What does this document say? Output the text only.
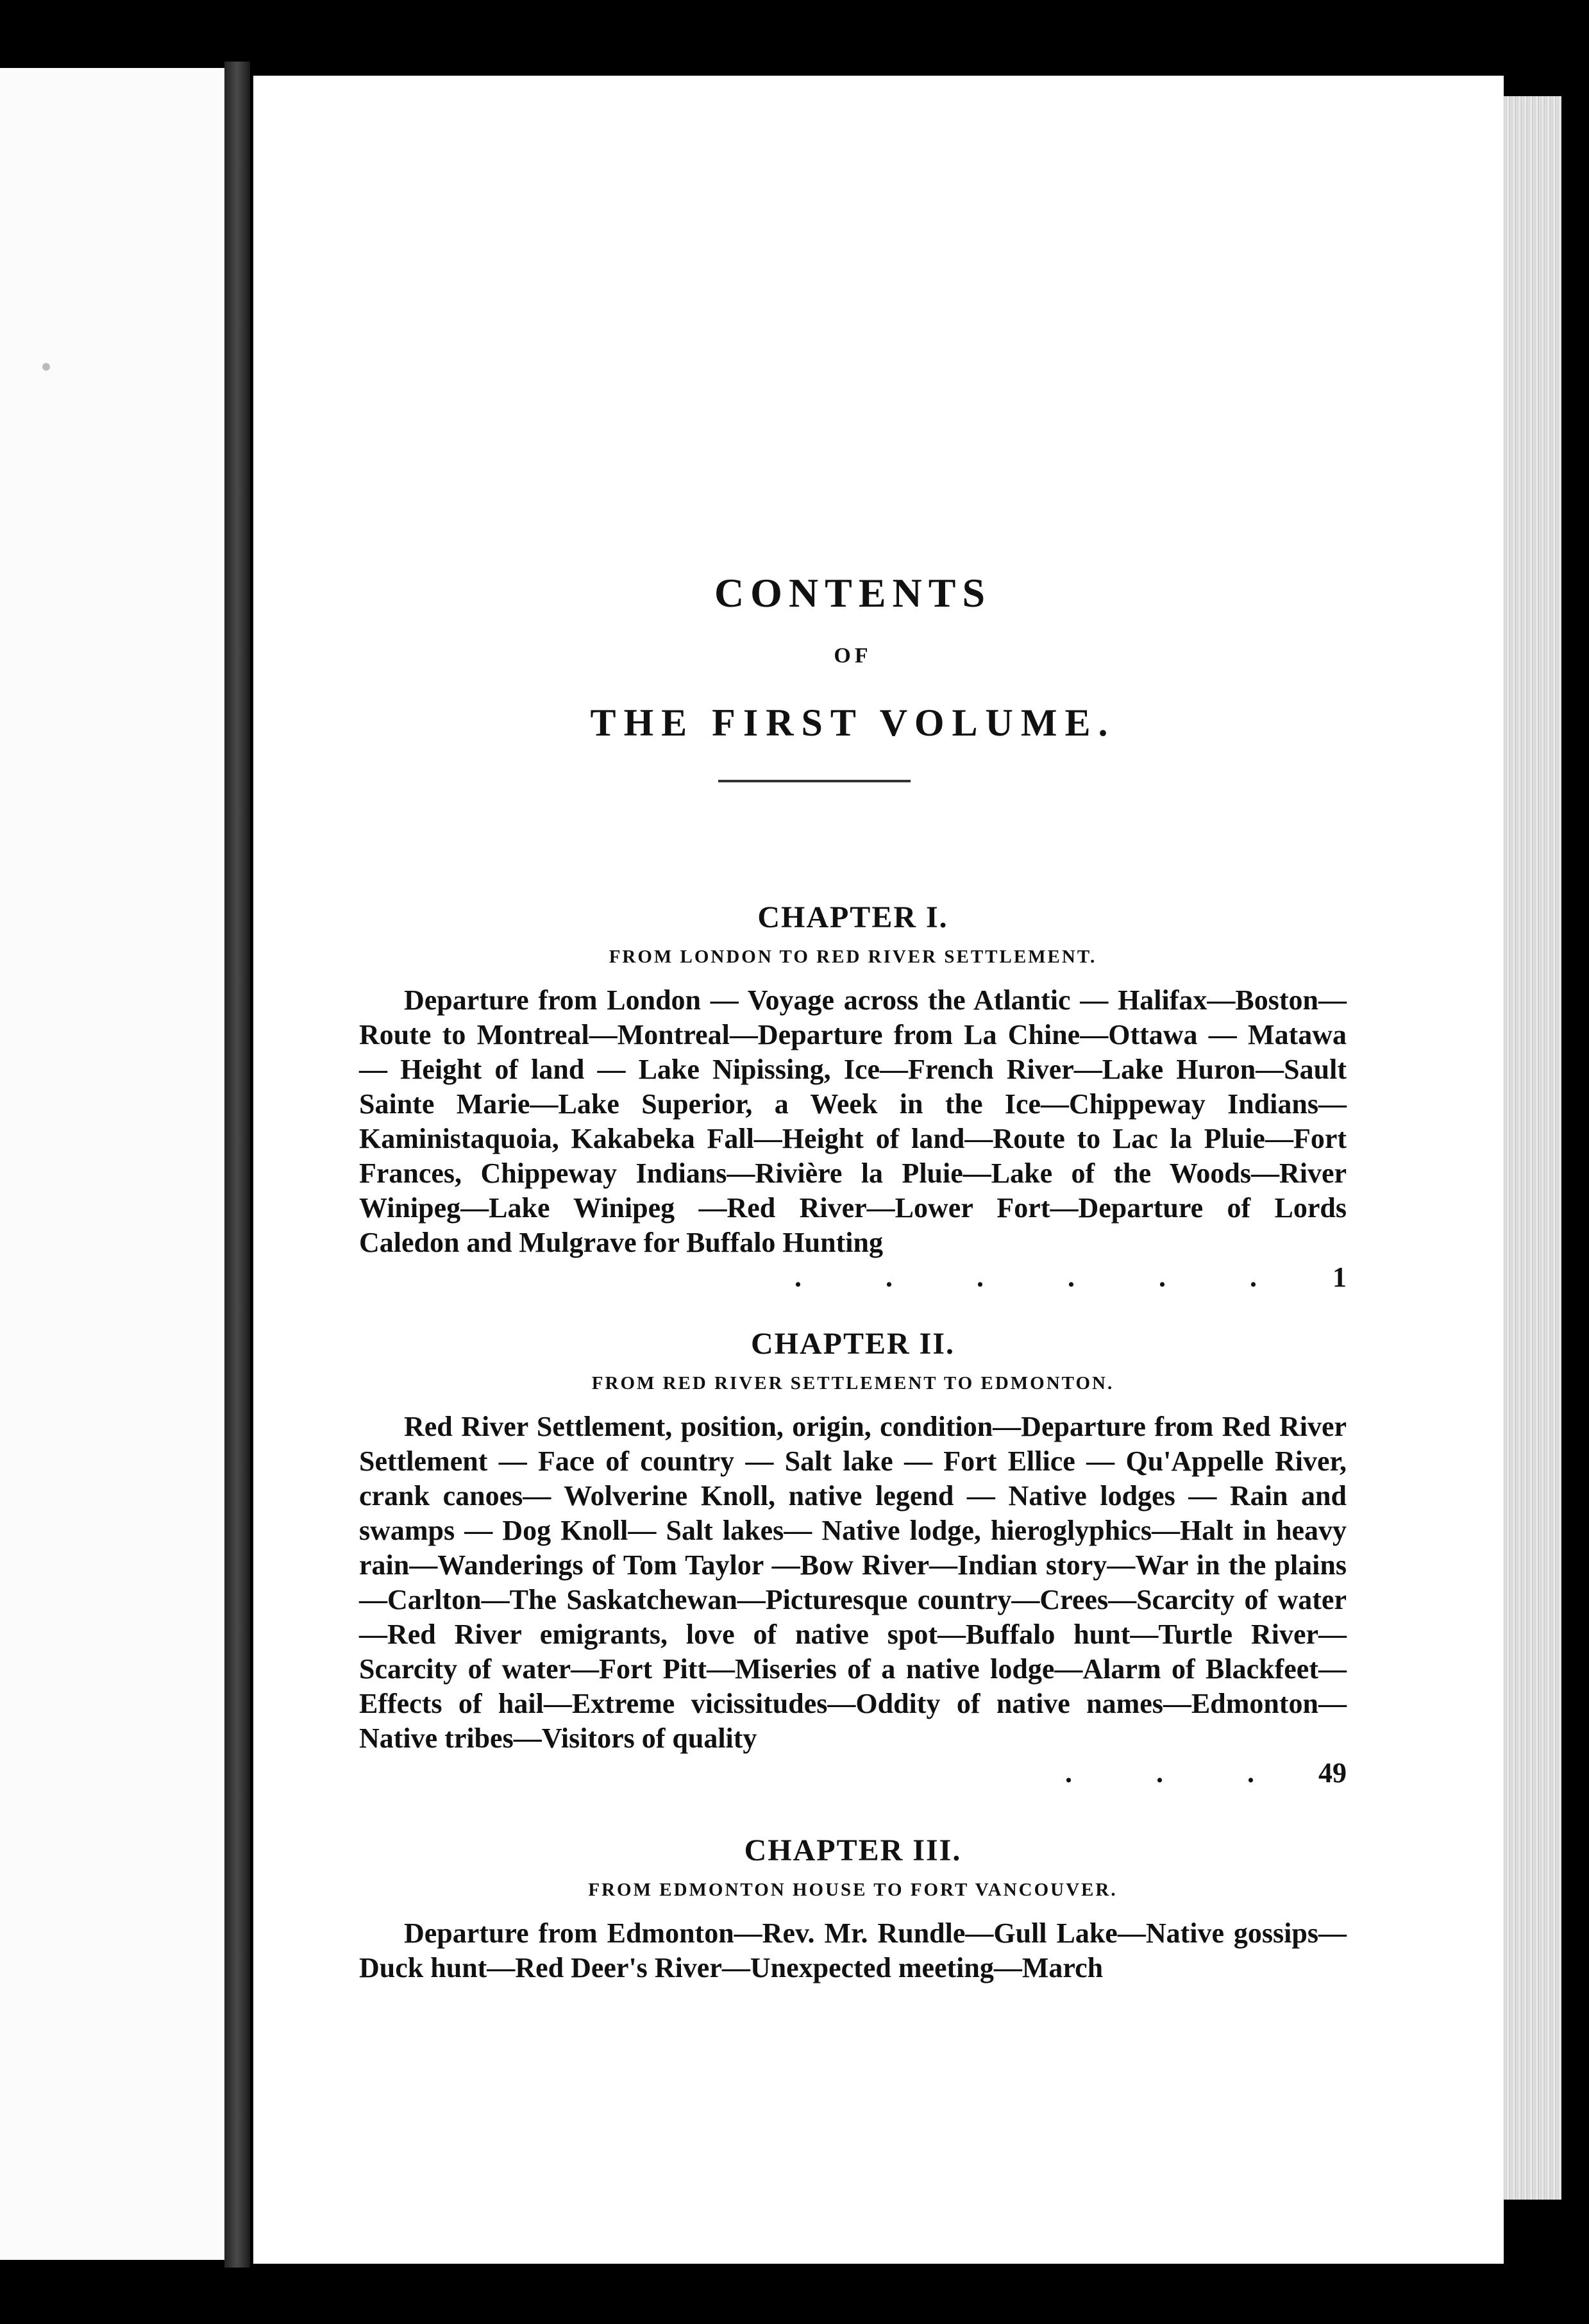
CONTENTS
OF
THE FIRST VOLUME.
CHAPTER I.
FROM LONDON TO RED RIVER SETTLEMENT.

Departure from London — Voyage across the Atlantic — Halifax—Boston—Route to Montreal—Montreal—Departure from La Chine—Ottawa — Matawa — Height of land — Lake Nipissing, Ice—French River—Lake Huron—Sault Sainte Marie—Lake Superior, a Week in the Ice—Chippeway Indians—Kaministaquoia, Kakabeka Fall—Height of land—Route to Lac la Pluie—Fort Frances, Chippeway Indians—Rivière la Pluie—Lake of the Woods—River Winipeg—Lake Winipeg —Red River—Lower Fort—Departure of Lords Caledon and Mulgrave for Buffalo Hunting

. . . . . .	1
CHAPTER II.
FROM RED RIVER SETTLEMENT TO EDMONTON.

Red River Settlement, position, origin, condition—Departure from Red River Settlement — Face of country — Salt lake — Fort Ellice — Qu'Appelle River, crank canoes— Wolverine Knoll, native legend — Native lodges — Rain and swamps — Dog Knoll— Salt lakes— Native lodge, hieroglyphics—Halt in heavy rain—Wanderings of Tom Taylor —Bow River—Indian story—War in the plains—Carlton—The Saskatchewan—Picturesque country—Crees—Scarcity of water—Red River emigrants, love of native spot—Buffalo hunt—Turtle River—Scarcity of water—Fort Pitt—Miseries of a native lodge—Alarm of Blackfeet—Effects of hail—Extreme vicissitudes—Oddity of native names—Edmonton—Native tribes—Visitors of quality

. . . 49
CHAPTER III.
FROM EDMONTON HOUSE TO FORT VANCOUVER.

Departure from Edmonton—Rev. Mr. Rundle—Gull Lake—Native gossips—Duck hunt—Red Deer's River—Unexpected meeting—March
